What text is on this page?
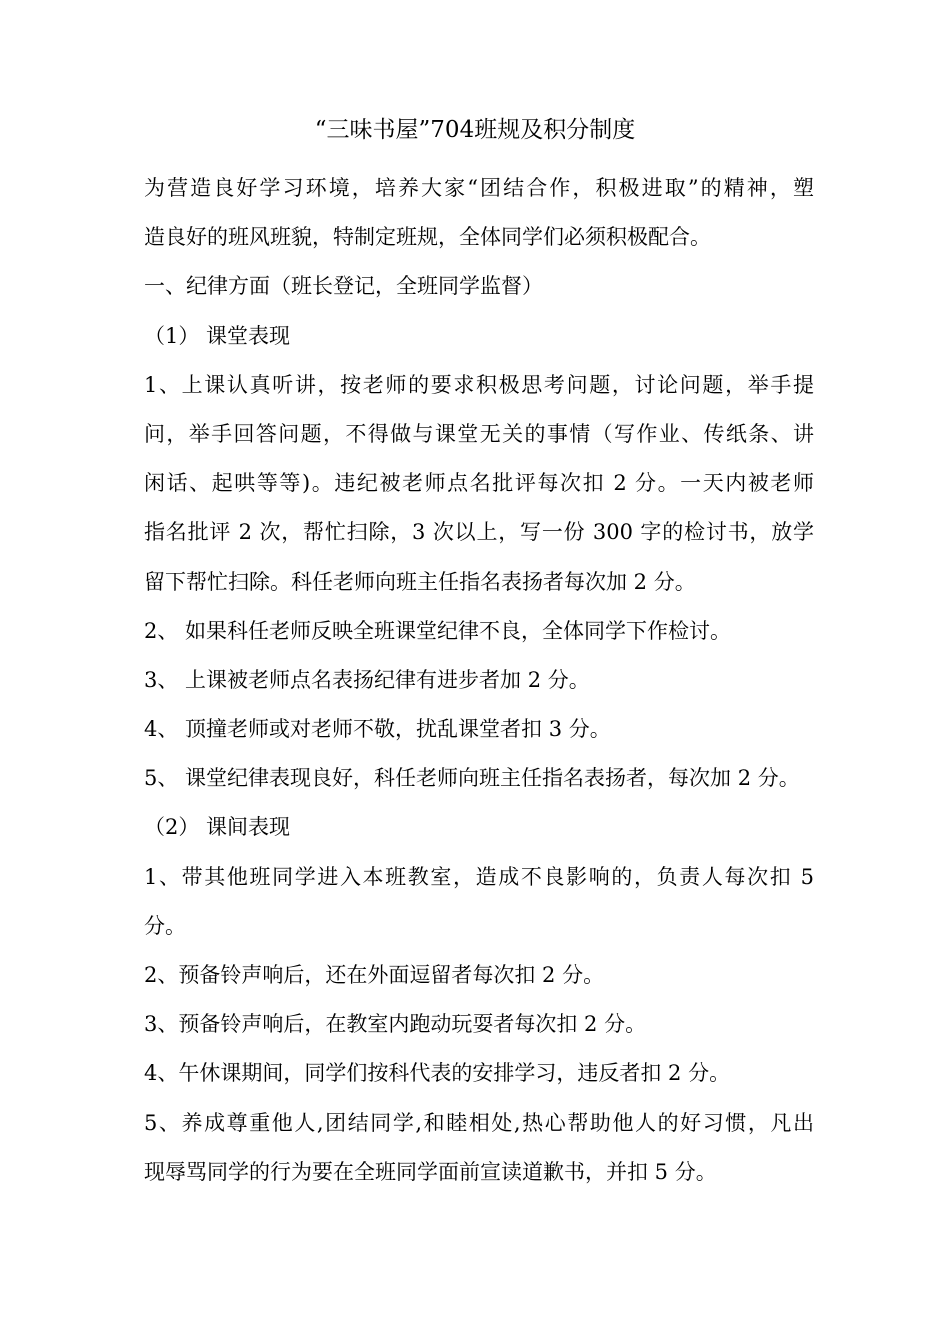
“三味书屋”704班规及积分制度
为营造良好学习环境，培养大家“团结合作，积极进取”的精神，塑
造良好的班风班貌，特制定班规，全体同学们必须积极配合。
一、纪律方面（班长登记，全班同学监督）
（1） 课堂表现
1、上课认真听讲，按老师的要求积极思考问题，讨论问题，举手提
问，举手回答问题，不得做与课堂无关的事情（写作业、传纸条、讲
闲话、起哄等等)。违纪被老师点名批评每次扣 2 分。一天内被老师
指名批评 2 次，帮忙扫除，3 次以上，写一份 300 字的检讨书，放学
留下帮忙扫除。科任老师向班主任指名表扬者每次加 2 分。
2、 如果科任老师反映全班课堂纪律不良，全体同学下作检讨。
3、 上课被老师点名表扬纪律有进步者加 2 分。
4、 顶撞老师或对老师不敬，扰乱课堂者扣 3 分。
5、 课堂纪律表现良好，科任老师向班主任指名表扬者，每次加 2 分。
（2） 课间表现
1、带其他班同学进入本班教室，造成不良影响的，负责人每次扣 5
分。
2、预备铃声响后，还在外面逗留者每次扣 2 分。
3、预备铃声响后，在教室内跑动玩耍者每次扣 2 分。
4、午休课期间，同学们按科代表的安排学习，违反者扣 2 分。
5、养成尊重他人,团结同学,和睦相处,热心帮助他人的好习惯，凡出
现辱骂同学的行为要在全班同学面前宣读道歉书，并扣 5 分。
